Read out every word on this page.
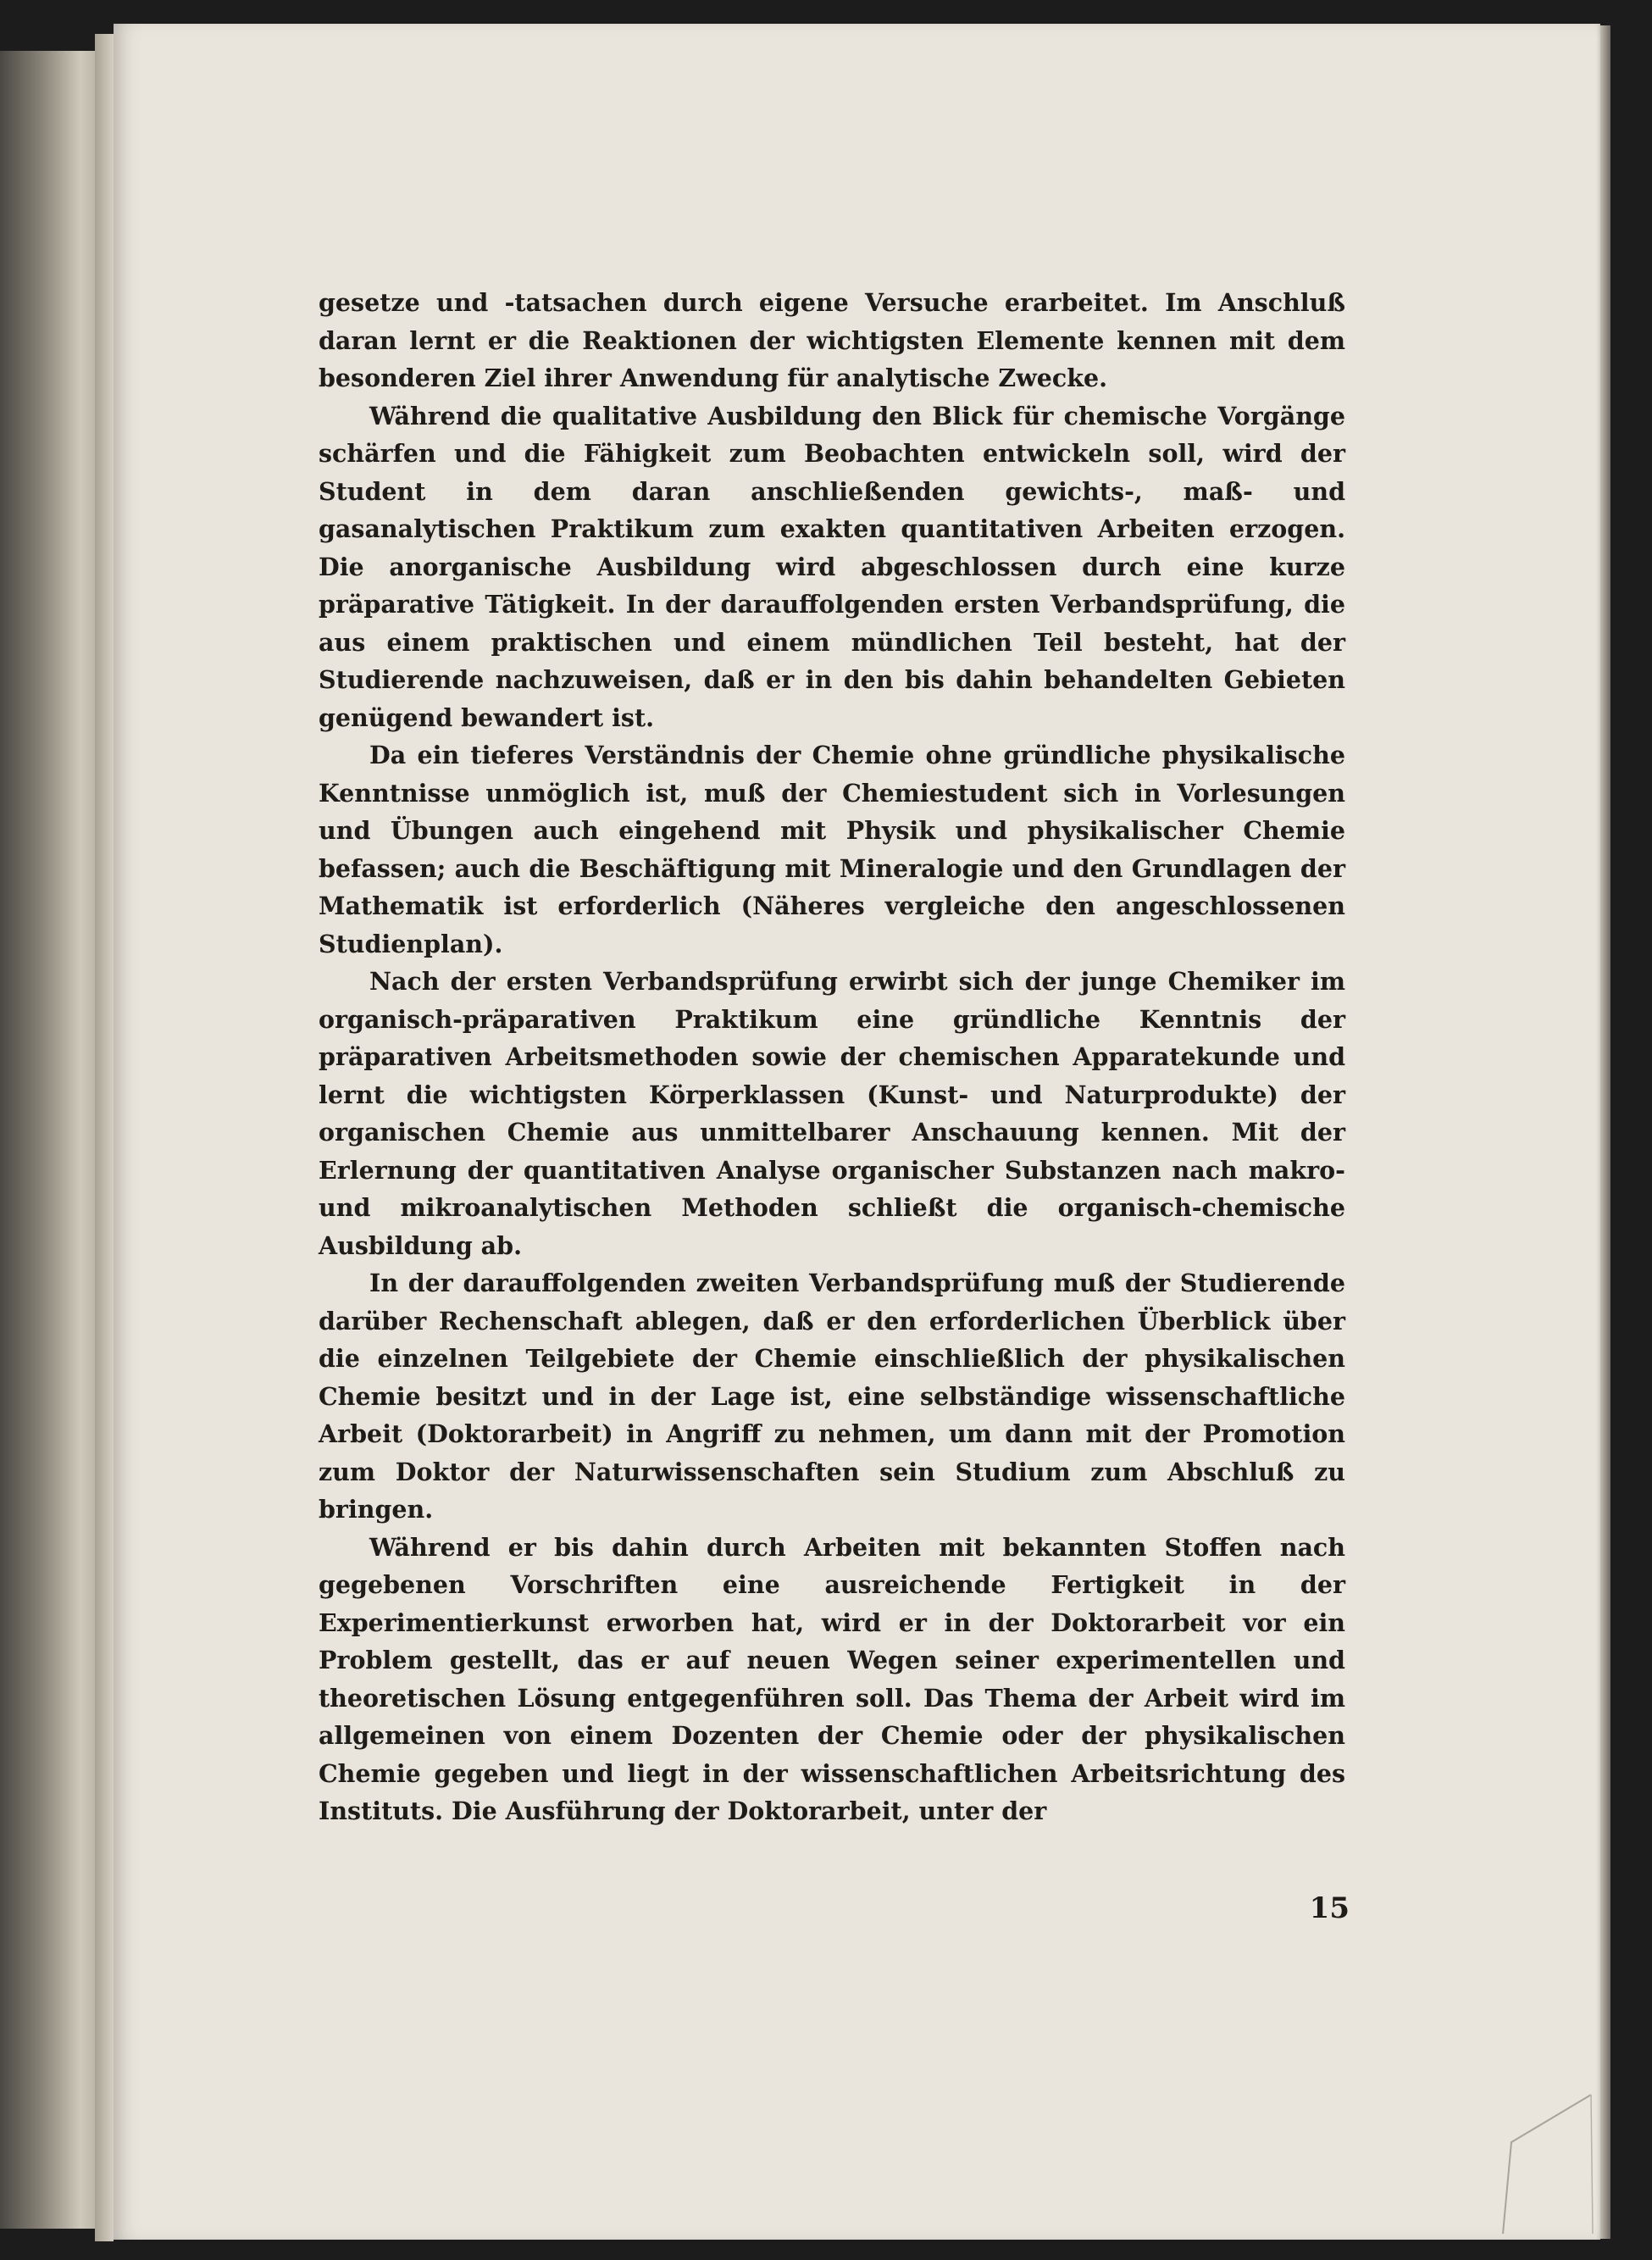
gesetze und -tatsachen durch eigene Versuche erarbeitet. Im Anschluß daran lernt er die Reaktionen der wichtigsten Elemente kennen mit dem besonderen Ziel ihrer Anwendung für analytische Zwecke.

Während die qualitative Ausbildung den Blick für chemische Vorgänge schärfen und die Fähigkeit zum Beobachten entwickeln soll, wird der Student in dem daran anschließenden gewichts-, maß- und gasanalytischen Praktikum zum exakten quantitativen Arbeiten erzogen. Die anorganische Ausbildung wird abgeschlossen durch eine kurze präparative Tätigkeit. In der darauffolgenden ersten Verbandsprüfung, die aus einem praktischen und einem mündlichen Teil besteht, hat der Studierende nachzuweisen, daß er in den bis dahin behandelten Gebieten genügend bewandert ist.

Da ein tieferes Verständnis der Chemie ohne gründliche physikalische Kenntnisse unmöglich ist, muß der Chemiestudent sich in Vorlesungen und Übungen auch eingehend mit Physik und physikalischer Chemie befassen; auch die Beschäftigung mit Mineralogie und den Grundlagen der Mathematik ist erforderlich (Näheres vergleiche den angeschlossenen Studienplan).

Nach der ersten Verbandsprüfung erwirbt sich der junge Chemiker im organisch-präparativen Praktikum eine gründliche Kenntnis der präparativen Arbeitsmethoden sowie der chemischen Apparatekunde und lernt die wichtigsten Körperklassen (Kunst- und Naturprodukte) der organischen Chemie aus unmittelbarer Anschauung kennen. Mit der Erlernung der quantitativen Analyse organischer Substanzen nach makro- und mikroanalytischen Methoden schließt die organisch-chemische Ausbildung ab.

In der darauffolgenden zweiten Verbandsprüfung muß der Studierende darüber Rechenschaft ablegen, daß er den erforderlichen Überblick über die einzelnen Teilgebiete der Chemie einschließlich der physikalischen Chemie besitzt und in der Lage ist, eine selbständige wissenschaftliche Arbeit (Doktorarbeit) in Angriff zu nehmen, um dann mit der Promotion zum Doktor der Naturwissenschaften sein Studium zum Abschluß zu bringen.

Während er bis dahin durch Arbeiten mit bekannten Stoffen nach gegebenen Vorschriften eine ausreichende Fertigkeit in der Experimentierkunst erworben hat, wird er in der Doktorarbeit vor ein Problem gestellt, das er auf neuen Wegen seiner experimentellen und theoretischen Lösung entgegenführen soll. Das Thema der Arbeit wird im allgemeinen von einem Dozenten der Chemie oder der physikalischen Chemie gegeben und liegt in der wissenschaftlichen Arbeitsrichtung des Instituts. Die Ausführung der Doktorarbeit, unter der

15
